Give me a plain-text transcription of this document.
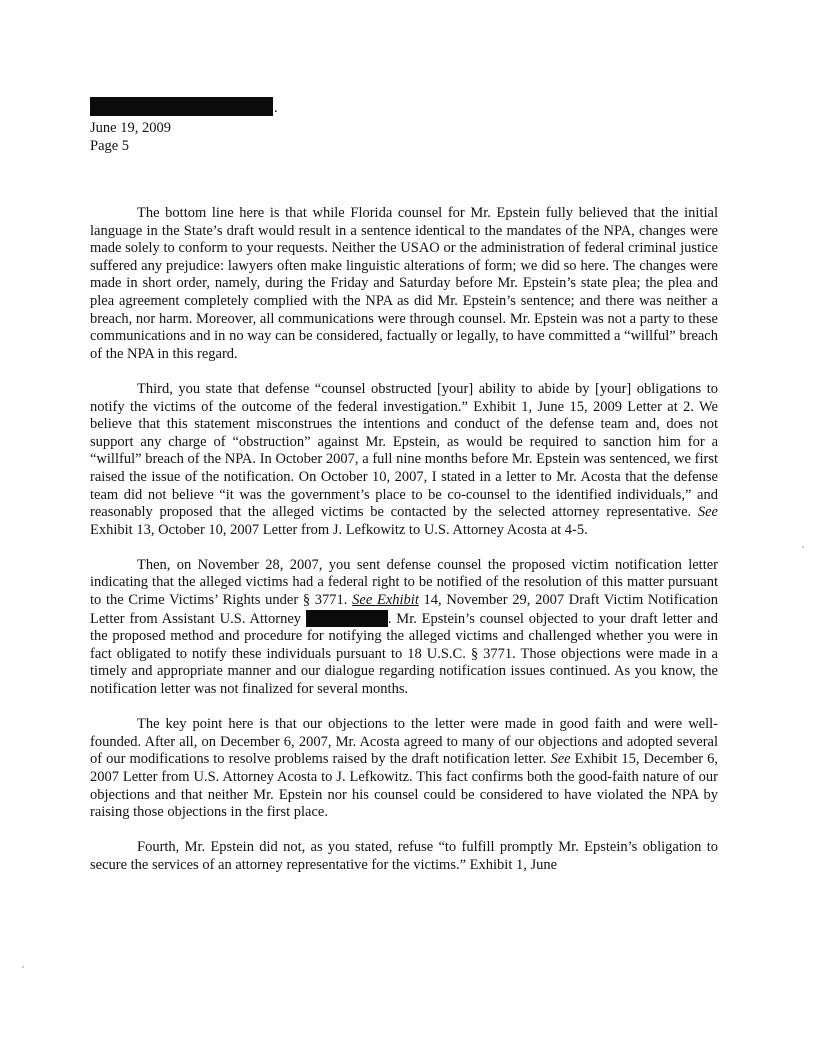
.
June 19, 2009
Page 5

The bottom line here is that while Florida counsel for Mr. Epstein fully believed that the initial language in the State’s draft would result in a sentence identical to the mandates of the NPA, changes were made solely to conform to your requests. Neither the USAO or the administration of federal criminal justice suffered any prejudice: lawyers often make linguistic alterations of form; we did so here. The changes were made in short order, namely, during the Friday and Saturday before Mr. Epstein’s state plea; the plea and plea agreement completely complied with the NPA as did Mr. Epstein’s sentence; and there was neither a breach, nor harm. Moreover, all communications were through counsel. Mr. Epstein was not a party to these communications and in no way can be considered, factually or legally, to have committed a “willful” breach of the NPA in this regard.

Third, you state that defense “counsel obstructed [your] ability to abide by [your] obligations to notify the victims of the outcome of the federal investigation.” Exhibit 1, June 15, 2009 Letter at 2. We believe that this statement misconstrues the intentions and conduct of the defense team and, does not support any charge of “obstruction” against Mr. Epstein, as would be required to sanction him for a “willful” breach of the NPA. In October 2007, a full nine months before Mr. Epstein was sentenced, we first raised the issue of the notification. On October 10, 2007, I stated in a letter to Mr. Acosta that the defense team did not believe “it was the government’s place to be co-counsel to the identified individuals,” and reasonably proposed that the alleged victims be contacted by the selected attorney representative. See Exhibit 13, October 10, 2007 Letter from J. Lefkowitz to U.S. Attorney Acosta at 4-5.

Then, on November 28, 2007, you sent defense counsel the proposed victim notification letter indicating that the alleged victims had a federal right to be notified of the resolution of this matter pursuant to the Crime Victims’ Rights under § 3771. See Exhibit 14, November 29, 2007 Draft Victim Notification Letter from Assistant U.S. Attorney	. Mr. Epstein’s counsel objected to your draft letter and the proposed method and procedure for notifying the alleged victims and challenged whether you were in fact obligated to notify these individuals pursuant to 18 U.S.C. § 3771. Those objections were made in a timely and appropriate manner and our dialogue regarding notification issues continued. As you know, the notification letter was not finalized for several months.

The key point here is that our objections to the letter were made in good faith and were well-founded. After all, on December 6, 2007, Mr. Acosta agreed to many of our objections and adopted several of our modifications to resolve problems raised by the draft notification letter. See Exhibit 15, December 6, 2007 Letter from U.S. Attorney Acosta to J. Lefkowitz. This fact confirms both the good-faith nature of our objections and that neither Mr. Epstein nor his counsel could be considered to have violated the NPA by raising those objections in the first place.

Fourth, Mr. Epstein did not, as you stated, refuse “to fulfill promptly Mr. Epstein’s obligation to secure the services of an attorney representative for the victims.” Exhibit 1, June
